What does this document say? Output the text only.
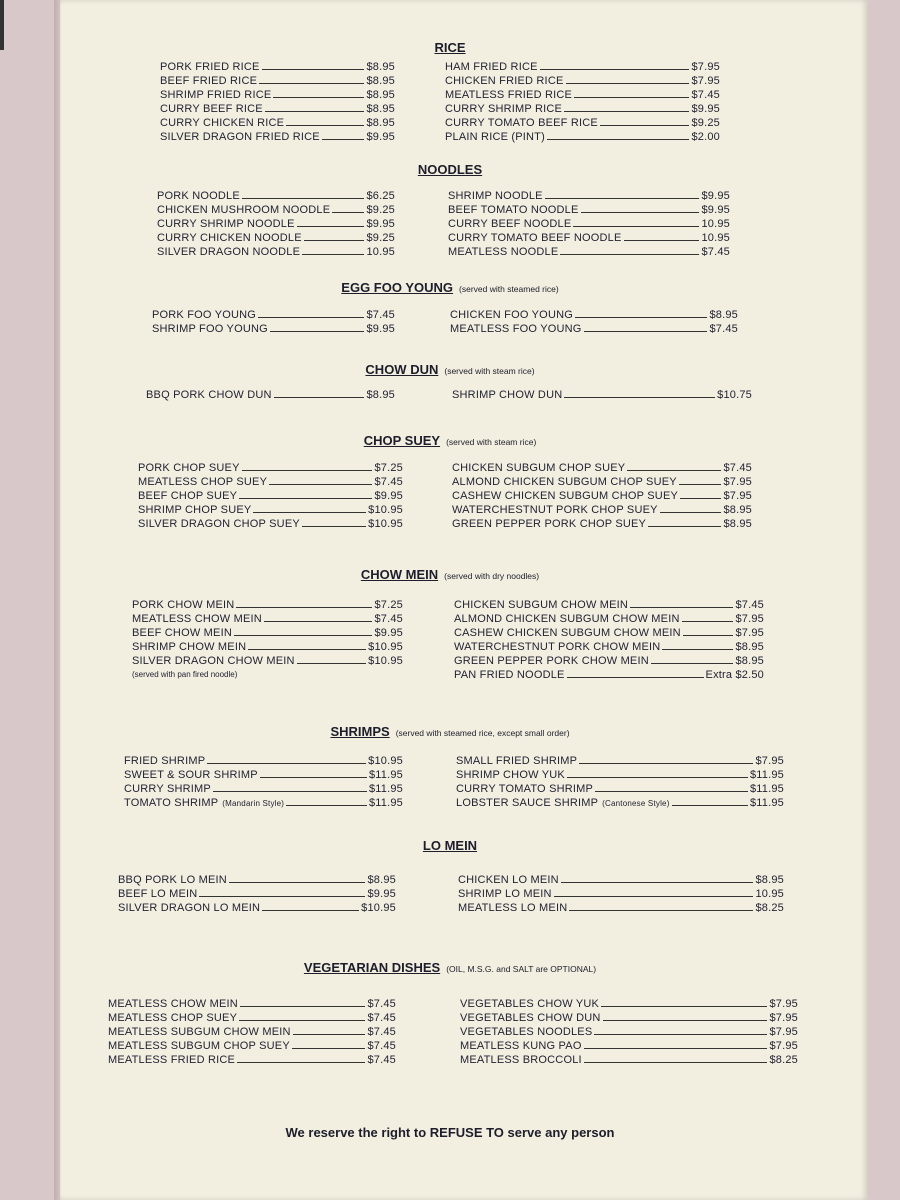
RICE
PORK FRIED RICE	$8.95
BEEF FRIED RICE	$8.95
SHRIMP FRIED RICE	$8.95
CURRY BEEF RICE	$8.95
CURRY CHICKEN RICE	$8.95
SILVER DRAGON FRIED RICE	$9.95
HAM FRIED RICE	$7.95
CHICKEN FRIED RICE	$7.95
MEATLESS FRIED RICE	$7.45
CURRY SHRIMP RICE	$9.95
CURRY TOMATO BEEF RICE	$9.25
PLAIN RICE (PINT)	$2.00
NOODLES
PORK NOODLE	$6.25
CHICKEN MUSHROOM NOODLE	$9.25
CURRY SHRIMP NOODLE	$9.95
CURRY CHICKEN NOODLE	$9.25
SILVER DRAGON NOODLE	10.95
SHRIMP NOODLE	$9.95
BEEF TOMATO NOODLE	$9.95
CURRY BEEF NOODLE	10.95
CURRY TOMATO BEEF NOODLE	10.95
MEATLESS NOODLE	$7.45
EGG FOO YOUNG (served with steamed rice)
PORK FOO YOUNG	$7.45
SHRIMP FOO YOUNG	$9.95
CHICKEN FOO YOUNG	$8.95
MEATLESS FOO YOUNG	$7.45
CHOW DUN (served with steam rice)
BBQ PORK CHOW DUN	$8.95	SHRIMP CHOW DUN	$10.75
CHOP SUEY (served with steam rice)
PORK CHOP SUEY	$7.25
MEATLESS CHOP SUEY	$7.45
BEEF CHOP SUEY	$9.95
SHRIMP CHOP SUEY	$10.95
SILVER DRAGON CHOP SUEY	$10.95
CHICKEN SUBGUM CHOP SUEY	$7.45
ALMOND CHICKEN SUBGUM CHOP SUEY	$7.95
CASHEW CHICKEN SUBGUM CHOP SUEY	$7.95
WATERCHESTNUT PORK CHOP SUEY	$8.95
GREEN PEPPER PORK CHOP SUEY	$8.95
CHOW MEIN (served with dry noodles)
PORK CHOW MEIN	$7.25
MEATLESS CHOW MEIN	$7.45
BEEF CHOW MEIN	$9.95
SHRIMP CHOW MEIN	$10.95
SILVER DRAGON CHOW MEIN	$10.95
(served with pan fired noodle)
CHICKEN SUBGUM CHOW MEIN	$7.45
ALMOND CHICKEN SUBGUM CHOW MEIN	$7.95
CASHEW CHICKEN SUBGUM CHOW MEIN	$7.95
WATERCHESTNUT PORK CHOW MEIN	$8.95
GREEN PEPPER PORK CHOW MEIN	$8.95
PAN FRIED NOODLE	Extra $2.50
SHRIMPS (served with steamed rice, except small order)
FRIED SHRIMP	$10.95
SWEET & SOUR SHRIMP	$11.95
CURRY SHRIMP	$11.95
TOMATO SHRIMP (Mandarin Style)	$11.95
SMALL FRIED SHRIMP	$7.95
SHRIMP CHOW YUK	$11.95
CURRY TOMATO SHRIMP	$11.95
LOBSTER SAUCE SHRIMP (Cantonese Style)	$11.95
LO MEIN
BBQ PORK LO MEIN	$8.95
BEEF LO MEIN	$9.95
SILVER DRAGON LO MEIN	$10.95
CHICKEN LO MEIN	$8.95
SHRIMP LO MEIN	10.95
MEATLESS LO MEIN	$8.25
VEGETARIAN DISHES (OIL, M.S.G. and SALT are OPTIONAL)
MEATLESS CHOW MEIN	$7.45
MEATLESS CHOP SUEY	$7.45
MEATLESS SUBGUM CHOW MEIN	$7.45
MEATLESS SUBGUM CHOP SUEY	$7.45
MEATLESS FRIED RICE	$7.45
VEGETABLES CHOW YUK	$7.95
VEGETABLES CHOW DUN	$7.95
VEGETABLES NOODLES	$7.95
MEATLESS KUNG PAO	$7.95
MEATLESS BROCCOLI	$8.25
We reserve the right to REFUSE TO serve any person
